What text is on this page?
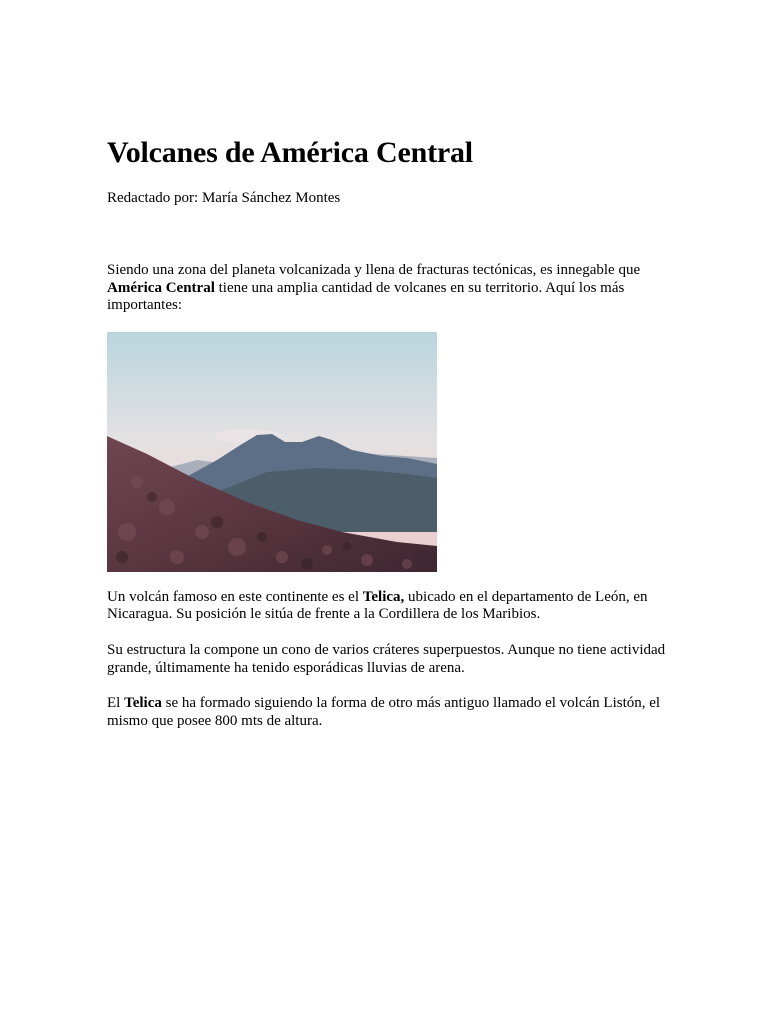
Volcanes de América Central

Redactado por: María Sánchez Montes

Siendo una zona del planeta volcanizada y llena de fracturas tectónicas, es innegable que América Central tiene una amplia cantidad de volcanes en su territorio. Aquí los más importantes:

Un volcán famoso en este continente es el Telica, ubicado en el departamento de León, en Nicaragua. Su posición le sitúa de frente a la Cordillera de los Maribios.

Su estructura la compone un cono de varios cráteres superpuestos. Aunque no tiene actividad grande, últimamente ha tenido esporádicas lluvias de arena.

El Telica se ha formado siguiendo la forma de otro más antiguo llamado el volcán Listón, el mismo que posee 800 mts de altura.
